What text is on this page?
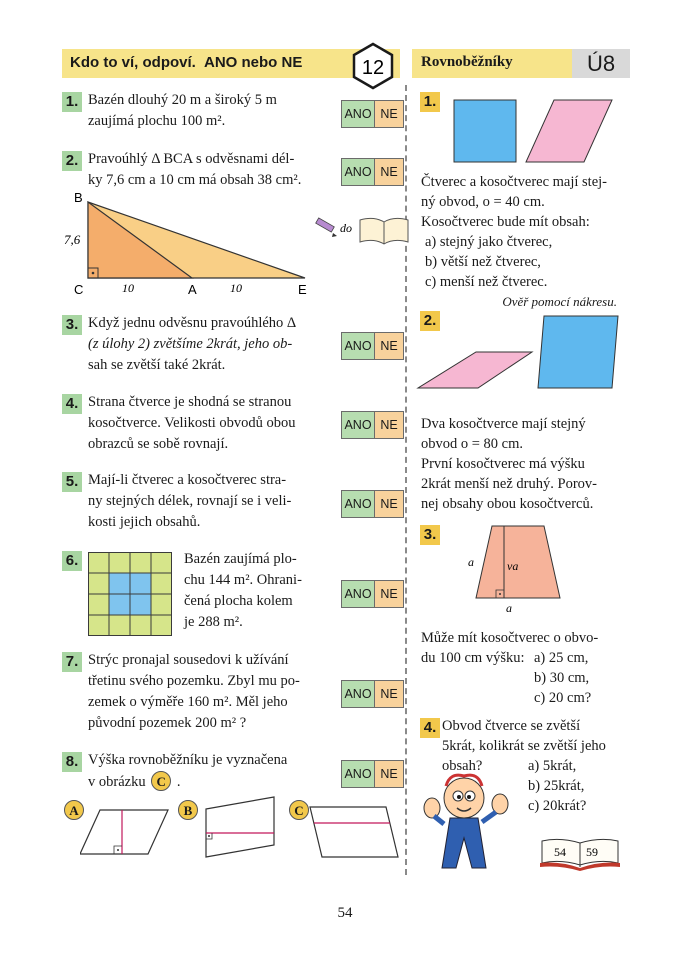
Kdo to ví, odpoví. ANO nebo NE	12 Rovnoběžníky	Ú8
1. Bazén dlouhý 20 m a široký 5 m
zaujímá plochu 100 m².	ANO NE
2. Pravoúhlý Δ BCA s odvěsnami dél-
ky 7,6 cm a 10 cm má obsah 38 cm².	ANO NE
B
C	A	E
7,6
10	10
do
3. Když jednu odvěsnu pravoúhlého Δ
(z úlohy 2) zvětšíme 2krát, jeho ob-
sah se zvětší také 2krát.
ANO NE
4. Strana čtverce je shodná se stranou
kosočtverce. Velikosti obvodů obou
obrazců se sobě rovnají.
ANO NE
5. Mají-li čtverec a kosočtverec stra-
ny stejných délek, rovnají se i veli-
kosti jejich obsahů.
ANO NE
6.	Bazén zaujímá plo-
chu 144 m². Ohrani-
čená plocha kolem
je 288 m².
ANO NE
7. Strýc pronajal sousedovi k užívání
třetinu svého pozemku. Zbyl mu po-
zemek o výměře 160 m². Měl jeho
původní pozemek 200 m² ?
ANO NE
8. Výška rovnoběžníku je vyznačena
v obrázku C .	ANO NE
A	B	C
1.
Čtverec a kosočtverec mají stej-
ný obvod, o = 40 cm.
Kosočtverec bude mít obsah:
a) stejný jako čtverec,
b) větší než čtverec,
c) menší než čtverec.
Ověř pomocí nákresu.
2.
Dva kosočtverce mají stejný
obvod o = 80 cm.
První kosočtverec má výšku
2krát menší než druhý. Porov-
nej obsahy obou kosočtverců.
3.
a	va
a
Může mít kosočtverec o obvo-
du 100 cm výšku: a) 25 cm,
b) 30 cm,
c) 20 cm?
4. Obvod čtverce se zvětší
5krát, kolikrát se zvětší jeho
obsah?	a) 5krát,
b) 25krát,
c) 20krát?
54 59
54
